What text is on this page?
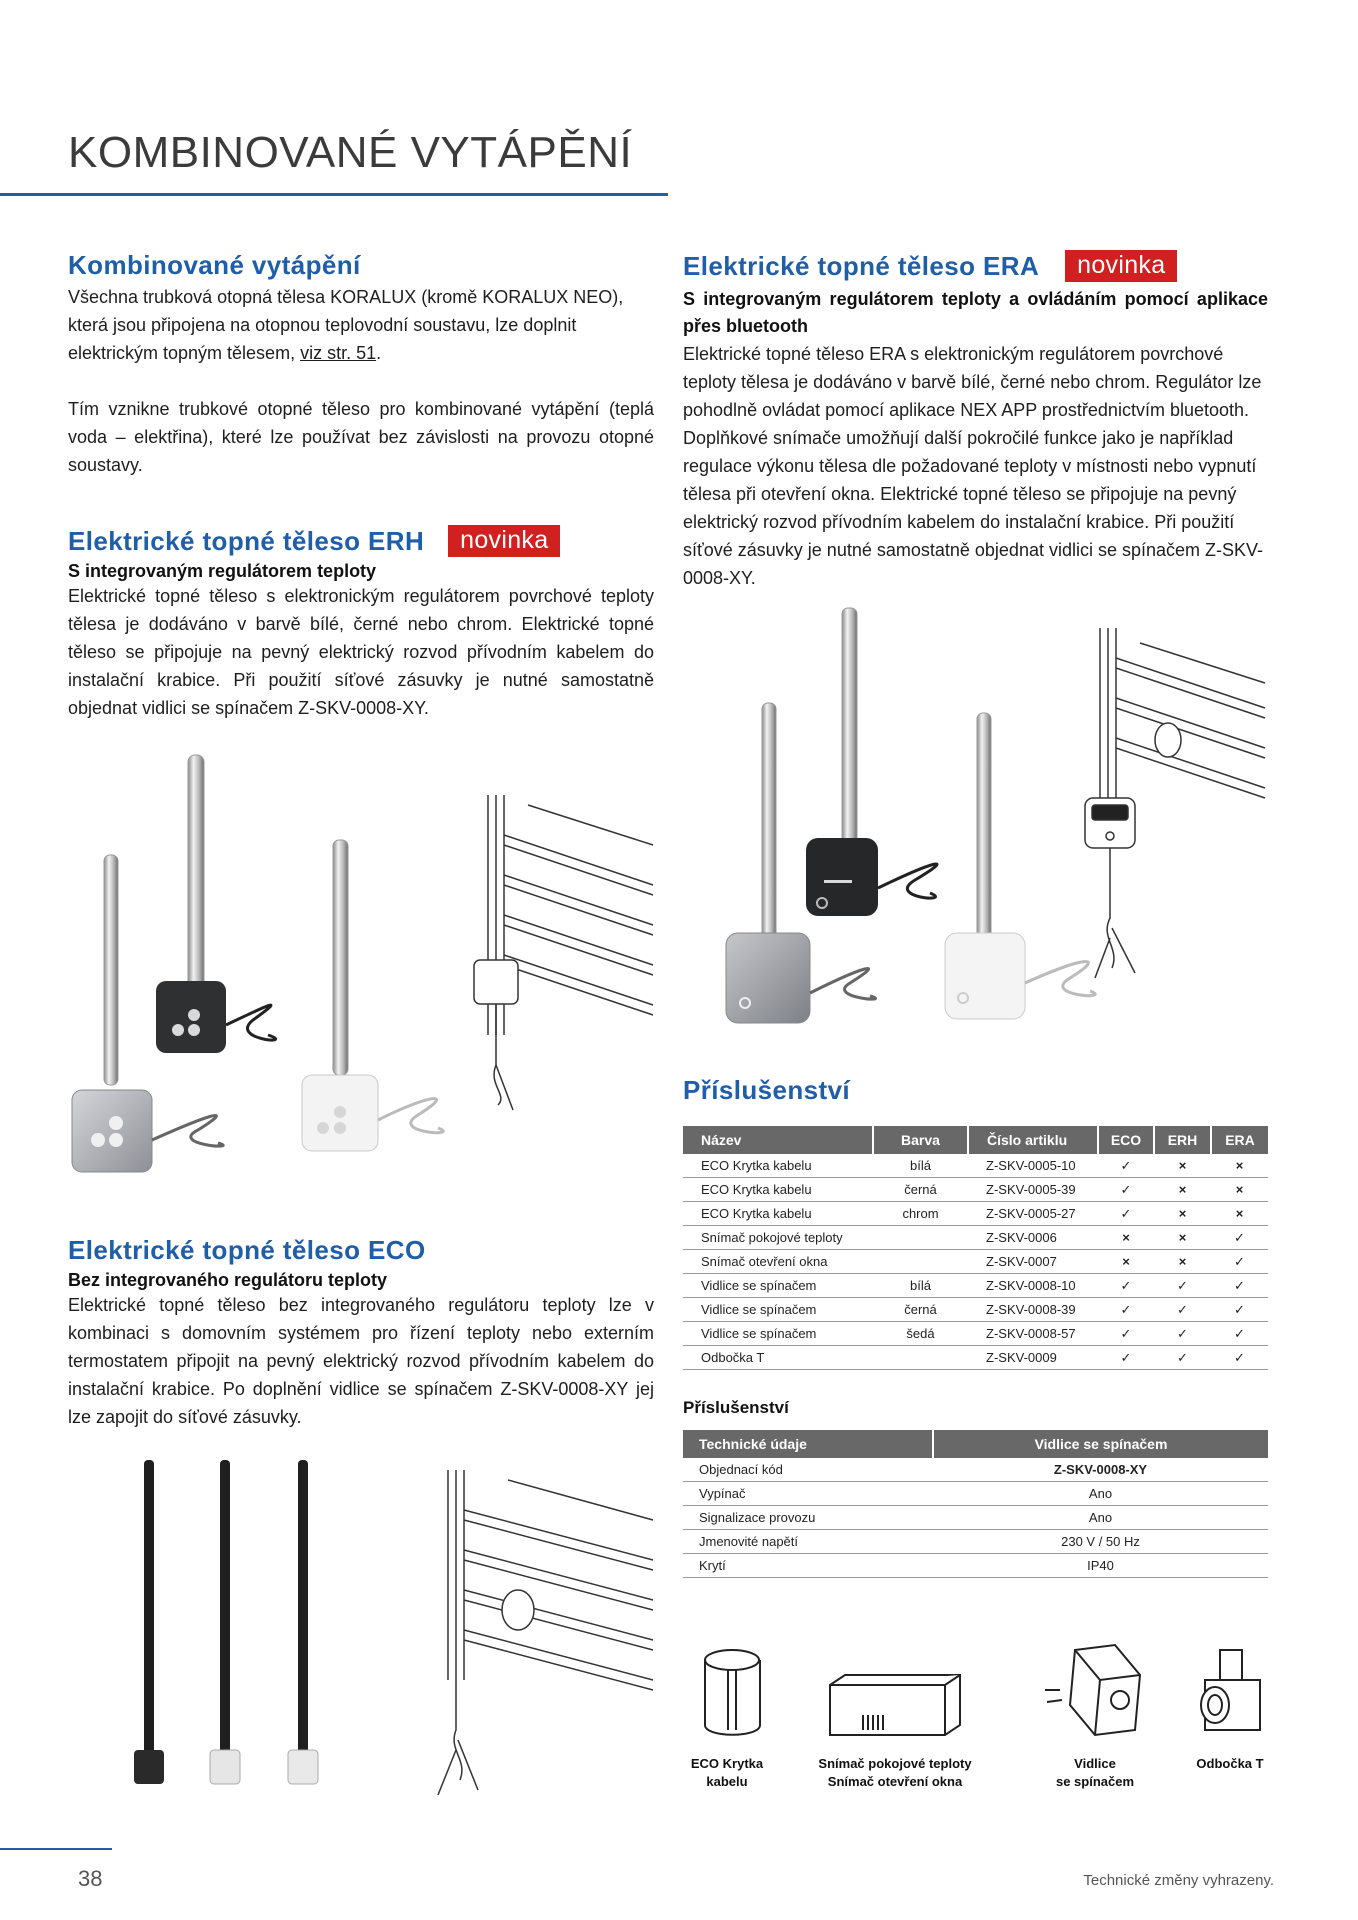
KOMBINOVANÉ VYTÁPĚNÍ
Kombinované vytápění

Všechna trubková otopná tělesa KORALUX (kromě KORALUX NEO), která jsou připojena na otopnou teplovodní soustavu, lze doplnit elektrickým topným tělesem, viz str. 51.

Tím vznikne trubkové otopné těleso pro kombinované vytápění (teplá voda – elektřina), které lze používat bez závislosti na provozu otopné soustavy.

Elektrické topné těleso ERH	novinka

S integrovaným regulátorem teploty

Elektrické topné těleso s elektronickým regulátorem povrchové teploty tělesa je dodáváno v barvě bílé, černé nebo chrom. Elektrické topné těleso se připojuje na pevný elektrický rozvod přívodním kabelem do instalační krabice. Při použití síťové zásuvky je nutné samostatně objednat vidlici se spínačem Z-SKV-0008-XY.

Elektrické topné těleso ECO

Bez integrovaného regulátoru teploty

Elektrické topné těleso bez integrovaného regulátoru teploty lze v kombinaci s domovním systémem pro řízení teploty nebo externím termostatem připojit na pevný elektrický rozvod přívodním kabelem do instalační krabice. Po doplnění vidlice se spínačem Z-SKV-0008-XY jej lze zapojit do síťové zásuvky.

Elektrické topné těleso ERA	novinka

S integrovaným regulátorem teploty a ovládáním pomocí aplikace přes bluetooth

Elektrické topné těleso ERA s elektronickým regulátorem povrchové teploty tělesa je dodáváno v barvě bílé, černé nebo chrom. Regulátor lze pohodlně ovládat pomocí aplikace NEX APP prostřednictvím bluetooth. Doplňkové snímače umožňují další pokročilé funkce jako je například regulace výkonu tělesa dle požadované teploty v místnosti nebo vypnutí tělesa při otevření okna. Elektrické topné těleso se připojuje na pevný elektrický rozvod přívodním kabelem do instalační krabice. Při použití síťové zásuvky je nutné samostatně objednat vidlici se spínačem Z-SKV-0008-XY.

Příslušenství
Název	Barva	Číslo artiklu	ECO	ERH	ERA
ECO Krytka kabelu	bílá	Z-SKV-0005-10	✓	×	×
ECO Krytka kabelu	černá	Z-SKV-0005-39	✓	×	×
ECO Krytka kabelu	chrom	Z-SKV-0005-27	✓	×	×
Snímač pokojové teploty		Z-SKV-0006	×	×	✓
Snímač otevření okna		Z-SKV-0007	×	×	✓
Vidlice se spínačem	bílá	Z-SKV-0008-10	✓	✓	✓
Vidlice se spínačem	černá	Z-SKV-0008-39	✓	✓	✓
Vidlice se spínačem	šedá	Z-SKV-0008-57	✓	✓	✓
Odbočka T		Z-SKV-0009	✓	✓	✓
Příslušenství
Technické údaje	Vidlice se spínačem
Objednací kód	Z-SKV-0008-XY
Vypínač	Ano
Signalizace provozu	Ano
Jmenovité napětí	230 V / 50 Hz
Krytí	IP40
ECO Krytka
kabelu
Snímač pokojové teploty
Snímač otevření okna
Vidlice
se spínačem
Odbočka T
38	Technické změny vyhrazeny.
